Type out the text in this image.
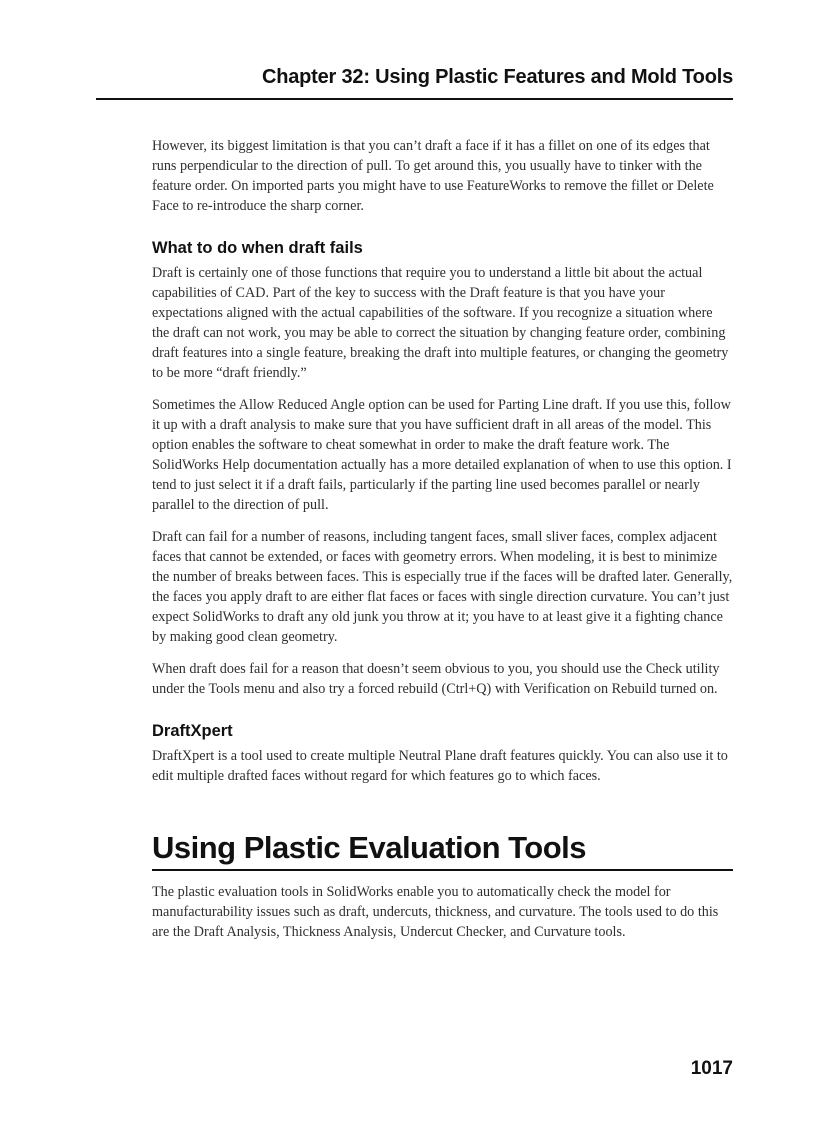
Chapter 32: Using Plastic Features and Mold Tools

However, its biggest limitation is that you can’t draft a face if it has a fillet on one of its edges that runs perpendicular to the direction of pull. To get around this, you usually have to tinker with the feature order. On imported parts you might have to use FeatureWorks to remove the fillet or Delete Face to re-introduce the sharp corner.

What to do when draft fails

Draft is certainly one of those functions that require you to understand a little bit about the actual capabilities of CAD. Part of the key to success with the Draft feature is that you have your expectations aligned with the actual capabilities of the software. If you recognize a situation where the draft can not work, you may be able to correct the situation by changing feature order, combining draft features into a single feature, breaking the draft into multiple features, or changing the geometry to be more “draft friendly.”

Sometimes the Allow Reduced Angle option can be used for Parting Line draft. If you use this, follow it up with a draft analysis to make sure that you have sufficient draft in all areas of the model. This option enables the software to cheat somewhat in order to make the draft feature work. The SolidWorks Help documentation actually has a more detailed explanation of when to use this option. I tend to just select it if a draft fails, particularly if the parting line used becomes parallel or nearly parallel to the direction of pull.

Draft can fail for a number of reasons, including tangent faces, small sliver faces, complex adjacent faces that cannot be extended, or faces with geometry errors. When modeling, it is best to minimize the number of breaks between faces. This is especially true if the faces will be drafted later. Generally, the faces you apply draft to are either flat faces or faces with single direction curvature. You can’t just expect SolidWorks to draft any old junk you throw at it; you have to at least give it a fighting chance by making good clean geometry.

When draft does fail for a reason that doesn’t seem obvious to you, you should use the Check utility under the Tools menu and also try a forced rebuild (Ctrl+Q) with Verification on Rebuild turned on.

DraftXpert

DraftXpert is a tool used to create multiple Neutral Plane draft features quickly. You can also use it to edit multiple drafted faces without regard for which features go to which faces.

Using Plastic Evaluation Tools

The plastic evaluation tools in SolidWorks enable you to automatically check the model for manufacturability issues such as draft, undercuts, thickness, and curvature. The tools used to do this are the Draft Analysis, Thickness Analysis, Undercut Checker, and Curvature tools.

1017
